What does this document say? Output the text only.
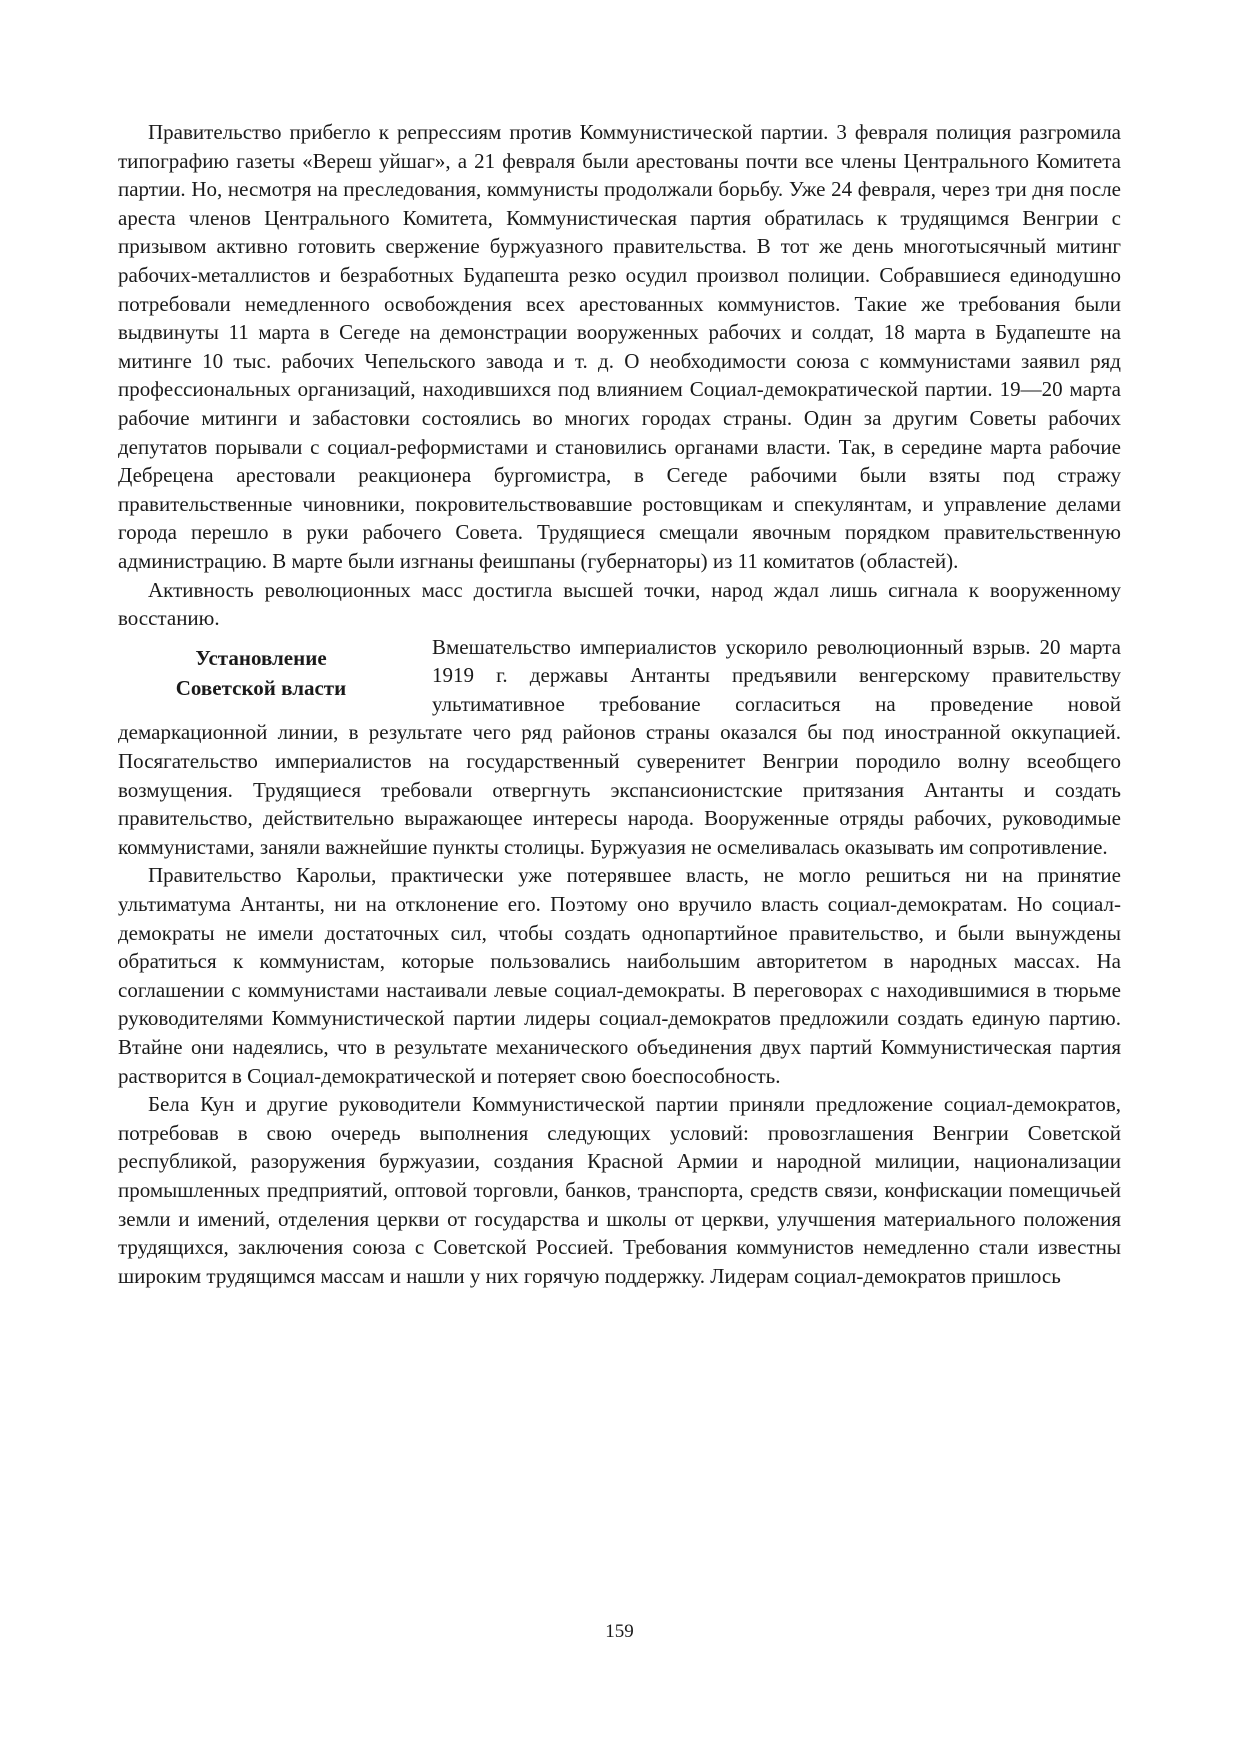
Правительство прибегло к репрессиям против Коммунистической партии. 3 февраля полиция разгромила типографию газеты «Вереш уйшаг», а 21 февраля были арестованы почти все члены Центрального Комитета партии. Но, несмотря на преследования, коммунисты продолжали борьбу. Уже 24 февраля, через три дня после ареста членов Центрального Комитета, Коммунистическая партия обратилась к трудящимся Венгрии с призывом активно готовить свержение буржуазного правительства. В тот же день многотысячный митинг рабочих-металлистов и безработных Будапешта резко осудил произвол полиции. Собравшиеся единодушно потребовали немедленного освобождения всех арестованных коммунистов. Такие же требования были выдвинуты 11 марта в Сегеде на демонстрации вооруженных рабочих и солдат, 18 марта в Будапеште на митинге 10 тыс. рабочих Чепельского завода и т. д. О необходимости союза с коммунистами заявил ряд профессиональных организаций, находившихся под влиянием Социал-демократической партии. 19—20 марта рабочие митинги и забастовки состоялись во многих городах страны. Один за другим Советы рабочих депутатов порывали с социал-реформистами и становились органами власти. Так, в середине марта рабочие Дебрецена арестовали реакционера бургомистра, в Сегеде рабочими были взяты под стражу правительственные чиновники, покровительствовавшие ростовщикам и спекулянтам, и управление делами города перешло в руки рабочего Совета. Трудящиеся смещали явочным порядком правительственную администрацию. В марте были изгнаны феишпаны (губернаторы) из 11 комитатов (областей).

Активность революционных масс достигла высшей точки, народ ждал лишь сигнала к вооруженному восстанию.

Установление
Советской власти

Вмешательство империалистов ускорило революционный взрыв. 20 марта 1919 г. державы Антанты предъявили венгерскому правительству ультимативное требование согласиться на проведение новой демаркационной линии, в результате чего ряд районов страны оказался бы под иностранной оккупацией. Посягательство империалистов на государственный суверенитет Венгрии породило волну всеобщего возмущения. Трудящиеся требовали отвергнуть экспансионистские притязания Антанты и создать правительство, действительно выражающее интересы народа. Вооруженные отряды рабочих, руководимые коммунистами, заняли важнейшие пункты столицы. Буржуазия не осмеливалась оказывать им сопротивление.

Правительство Карольи, практически уже потерявшее власть, не могло решиться ни на принятие ультиматума Антанты, ни на отклонение его. Поэтому оно вручило власть социал-демократам. Но социал-демократы не имели достаточных сил, чтобы создать однопартийное правительство, и были вынуждены обратиться к коммунистам, которые пользовались наибольшим авторитетом в народных массах. На соглашении с коммунистами настаивали левые социал-демократы. В переговорах с находившимися в тюрьме руководителями Коммунистической партии лидеры социал-демократов предложили создать единую партию. Втайне они надеялись, что в результате механического объединения двух партий Коммунистическая партия растворится в Социал-демократической и потеряет свою боеспособность.

Бела Кун и другие руководители Коммунистической партии приняли предложение социал-демократов, потребовав в свою очередь выполнения следующих условий: провозглашения Венгрии Советской республикой, разоружения буржуазии, создания Красной Армии и народной милиции, национализации промышленных предприятий, оптовой торговли, банков, транспорта, средств связи, конфискации помещичьей земли и имений, отделения церкви от государства и школы от церкви, улучшения материального положения трудящихся, заключения союза с Советской Россией. Требования коммунистов немедленно стали известны широким трудящимся массам и нашли у них горячую поддержку. Лидерам социал-демократов пришлось

159
